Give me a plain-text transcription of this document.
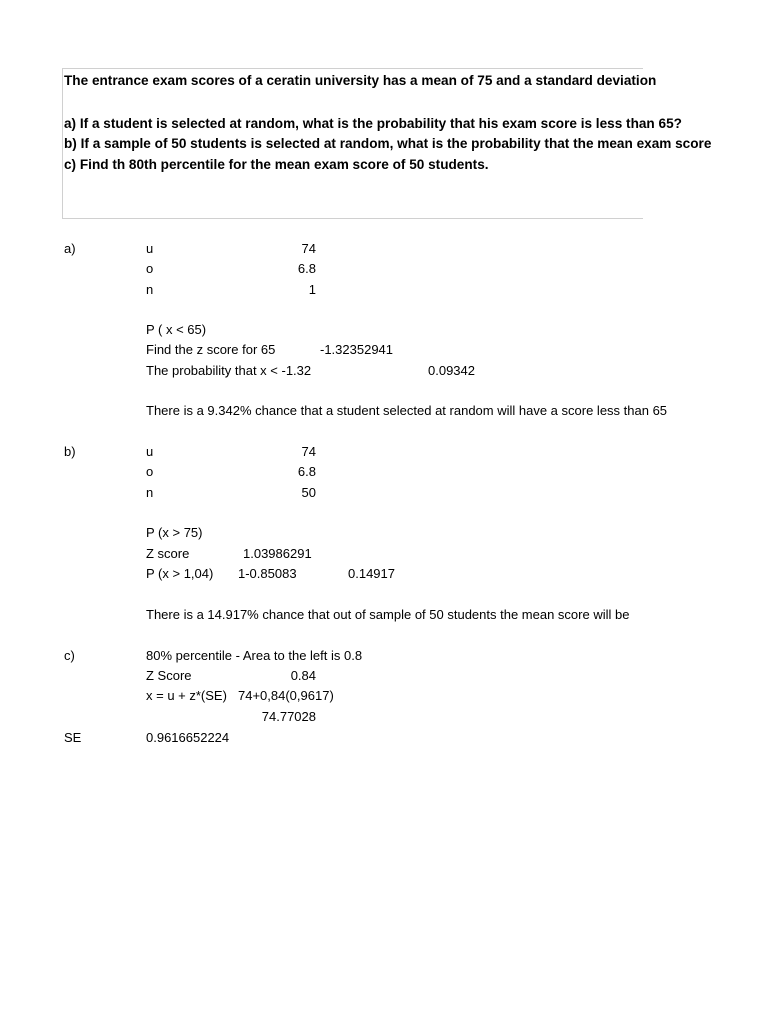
The entrance exam scores of a ceratin university has a mean of 75 and a standard deviation
a) If a student is selected at random, what is the probability that his exam score is less than 65?
b) If a sample of 50 students is selected at random, what is the probability that the mean exam score
c) Find th 80th percentile for the mean exam score of 50 students.
a)	u	74
o	6.8
n	1
P ( x < 65)
Find the z score for 65	-1.32352941
The probability that x < -1.32	0.09342
There is a 9.342% chance that a student selected at random will have a score less than 65
b)	u	74
o	6.8
n	50
P (x > 75)
Z score	1.03986291
P (x > 1,04) 1-0.85083	0.14917
There is a 14.917% chance that out of sample of 50 students the mean score will be
c)	80% percentile - Area to the left is 0.8
Z Score	0.84
x = u + z*(SE) 74+0,84(0,9617)
74.77028
SE	0.9616652224
